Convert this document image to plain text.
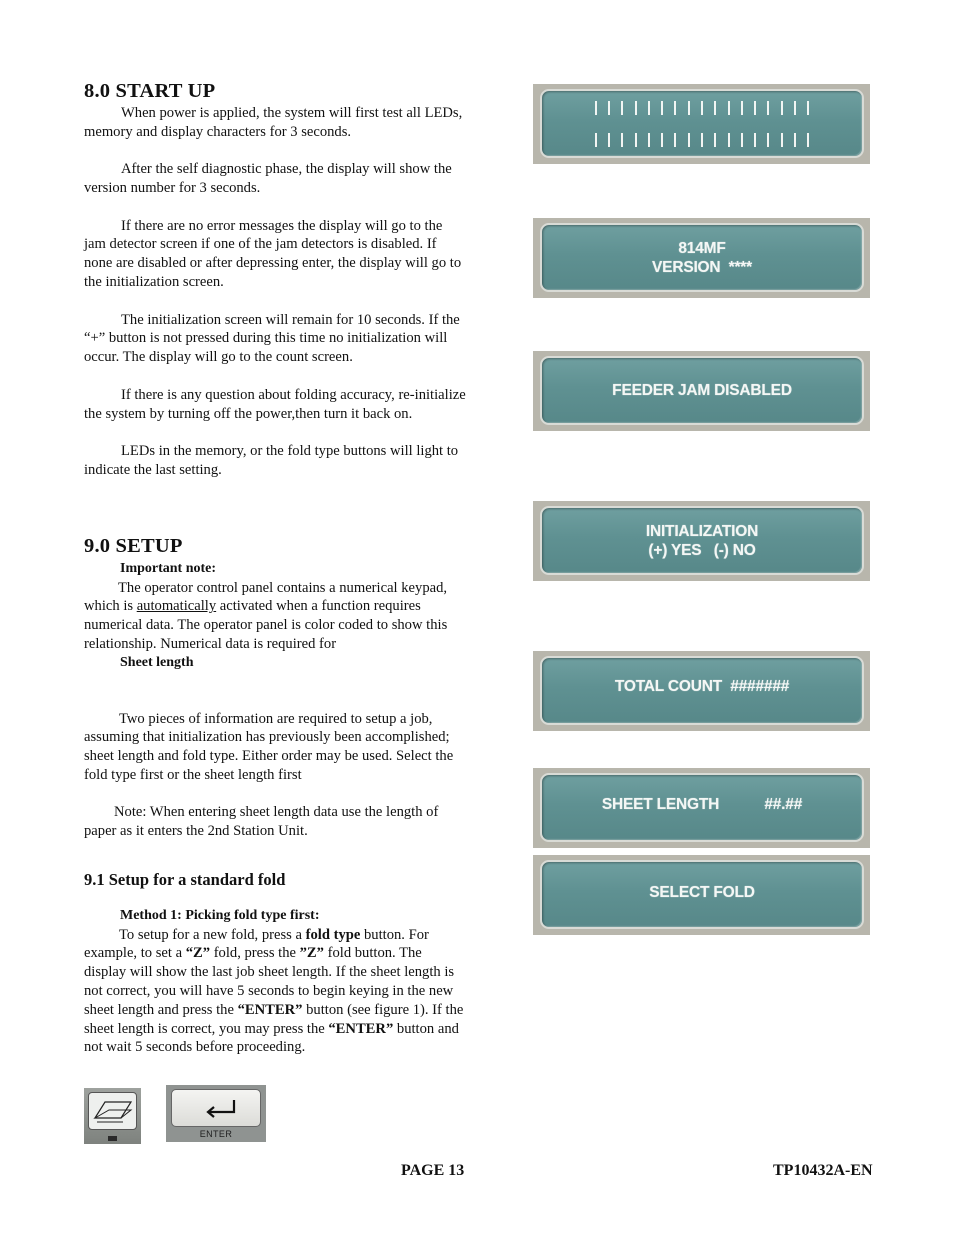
8.0 START UP

When power is applied, the system will first test all LEDs, memory and display characters for 3 seconds.

After the self diagnostic phase, the display will show the version number for 3 seconds.

If there are no error messages the display will go to the jam detector screen if one of the jam detectors is disabled. If none are disabled or after depressing enter, the display will go to the initialization screen.

The initialization screen will remain for 10 seconds. If the “+” button is not pressed during this time no initialization will occur. The display will go to the count screen.

If there is any question about folding accuracy, re-initialize the system by turning off the power,then turn it back on.

LEDs in the memory, or the fold type buttons will light to indicate the last setting.

9.0 SETUP

Important note:

The operator control panel contains a numerical keypad, which is automatically activated when a function requires numerical data. The operator panel is color coded to show this relationship. Numerical data is required for

Sheet length

Two pieces of information are required to setup a job, assuming that initialization has previously been accomplished; sheet length and fold type. Either order may be used. Select the fold type first or the sheet length first

Note: When entering sheet length data use the length of paper as it enters the 2nd Station Unit.

9.1 Setup for a standard fold

Method 1: Picking fold type first:

To setup for a new fold, press a fold type button. For example, to set a “Z” fold, press the ”Z” fold button. The display will show the last job sheet length. If the sheet length is not correct, you will have 5 seconds to begin keying in the new sheet length and press the “ENTER” button (see figure 1). If the sheet length is correct, you may press the “ENTER” button and not wait 5 seconds before proceeding.

ENTER
814MF
VERSION  ****
FEEDER JAM DISABLED
INITIALIZATION
(+) YES   (-) NO
TOTAL COUNT  #######
SHEET LENGTH           ##.##
SELECT FOLD
PAGE 13	TP10432A-EN
